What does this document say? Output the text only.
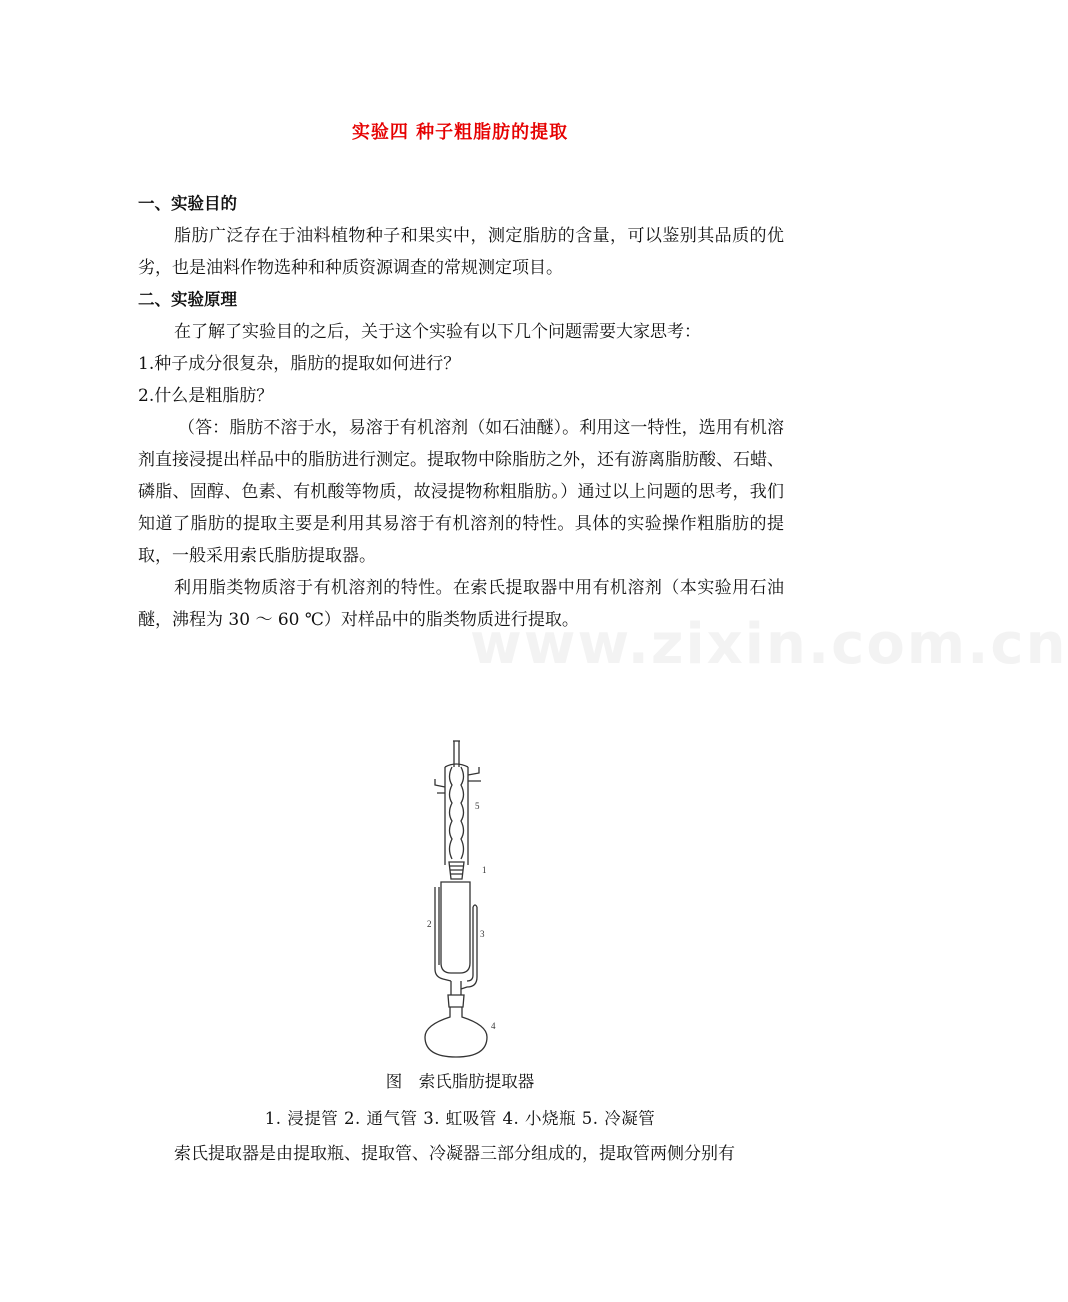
实验四 种子粗脂肪的提取
一、实验目的

脂肪广泛存在于油料植物种子和果实中，测定脂肪的含量，可以鉴别其品质的优劣，也是油料作物选种和种质资源调查的常规测定项目。

二、实验原理

在了解了实验目的之后，关于这个实验有以下几个问题需要大家思考：

1.种子成分很复杂，脂肪的提取如何进行？

2.什么是粗脂肪？

（答：脂肪不溶于水，易溶于有机溶剂（如石油醚）。利用这一特性，选用有机溶剂直接浸提出样品中的脂肪进行测定。提取物中除脂肪之外，还有游离脂肪酸、石蜡、磷脂、固醇、色素、有机酸等物质，故浸提物称粗脂肪。）通过以上问题的思考，我们知道了脂肪的提取主要是利用其易溶于有机溶剂的特性。具体的实验操作粗脂肪的提取，一般采用索氏脂肪提取器。

利用脂类物质溶于有机溶剂的特性。在索氏提取器中用有机溶剂（本实验用石油醚，沸程为 30 ～ 60 ℃）对样品中的脂类物质进行提取。

1
2
3
4
5
图　索氏脂肪提取器
1. 浸提管 2. 通气管 3. 虹吸管 4. 小烧瓶 5. 冷凝管

索氏提取器是由提取瓶、提取管、冷凝器三部分组成的，提取管两侧分别有

www.zixin.com.cn
